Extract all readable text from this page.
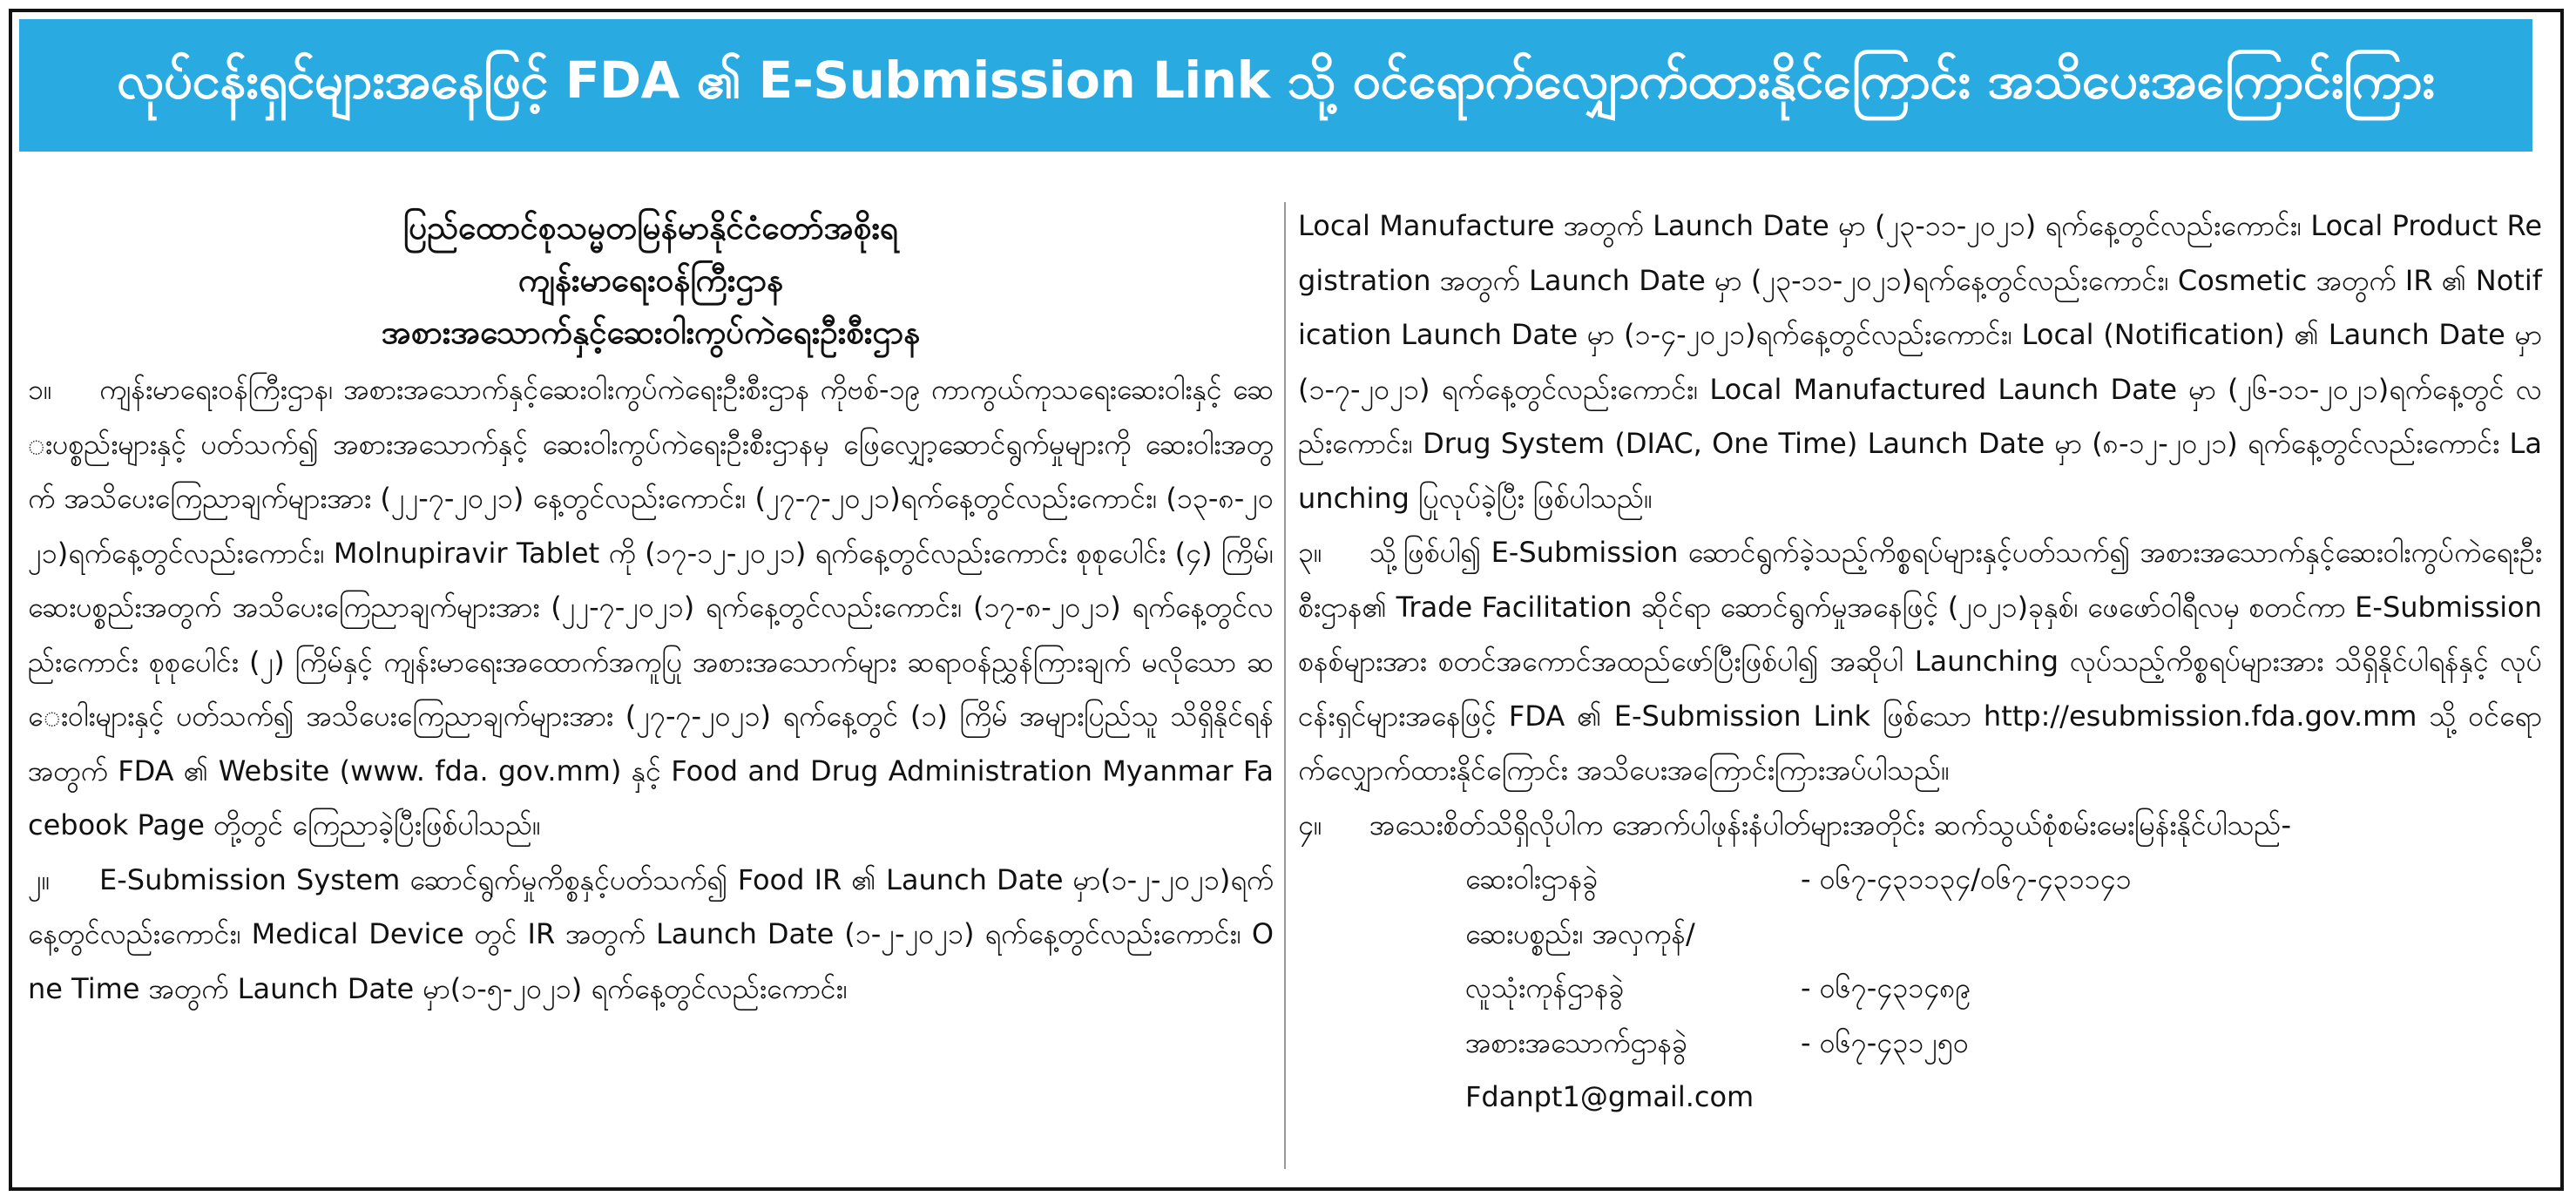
လုပ်ငန်းရှင်များအနေဖြင့် FDA ၏ E-Submission Link သို့ ဝင်ရောက်လျှောက်ထားနိုင်ကြောင်း အသိပေးအကြောင်းကြား

ပြည်ထောင်စုသမ္မတမြန်မာနိုင်ငံတော်အစိုးရ

ကျန်းမာရေးဝန်ကြီးဌာန

အစားအသောက်နှင့်ဆေးဝါးကွပ်ကဲရေးဦးစီးဌာန

၁။ ကျန်းမာရေးဝန်ကြီးဌာန၊ အစားအသောက်နှင့်ဆေးဝါးကွပ်ကဲရေးဦးစီးဌာန ကိုဗစ်-၁၉ ကာကွယ်ကုသရေးဆေးဝါးနှင့် ဆေးပစ္စည်းများနှင့် ပတ်သက်၍ အစားအသောက်နှင့် ဆေးဝါးကွပ်ကဲရေးဦးစီးဌာနမှ ဖြေလျှော့ဆောင်ရွက်မှုများကို ဆေးဝါးအတွက် အသိပေးကြေညာချက်များအား (၂၂-၇-၂၀၂၁) နေ့တွင်လည်းကောင်း၊ (၂၇-၇-၂၀၂၁)ရက်နေ့တွင်လည်းကောင်း၊ (၁၃-၈-၂၀၂၁)ရက်နေ့တွင်လည်းကောင်း၊ Molnupiravir Tablet ကို (၁၇-၁၂-၂၀၂၁) ရက်နေ့တွင်လည်းကောင်း စုစုပေါင်း (၄) ကြိမ်၊ ဆေးပစ္စည်းအတွက် အသိပေးကြေညာချက်များအား (၂၂-၇-၂၀၂၁) ရက်နေ့တွင်လည်းကောင်း၊ (၁၇-၈-၂၀၂၁) ရက်နေ့တွင်လည်းကောင်း စုစုပေါင်း (၂) ကြိမ်နှင့် ကျန်းမာရေးအထောက်အကူပြု အစားအသောက်များ ဆရာဝန်ညွှန်ကြားချက် မလိုသော ဆေးဝါးများနှင့် ပတ်သက်၍ အသိပေးကြေညာချက်များအား (၂၇-၇-၂၀၂၁) ရက်နေ့တွင် (၁) ကြိမ် အများပြည်သူ သိရှိနိုင်ရန်အတွက် FDA ၏ Website (www. fda. gov.mm) နှင့် Food and Drug Administration Myanmar Facebook Page တို့တွင် ကြေညာခဲ့ပြီးဖြစ်ပါသည်။

၂။ E-Submission System ဆောင်ရွက်မှုကိစ္စနှင့်ပတ်သက်၍ Food IR ၏ Launch Date မှာ(၁-၂-၂၀၂၁)ရက်နေ့တွင်လည်းကောင်း၊ Medical Device တွင် IR အတွက် Launch Date (၁-၂-၂၀၂၁) ရက်နေ့တွင်လည်းကောင်း၊ One Time အတွက် Launch Date မှာ(၁-၅-၂၀၂၁) ရက်နေ့တွင်လည်းကောင်း၊

Local Manufacture အတွက် Launch Date မှာ (၂၃-၁၁-၂၀၂၁) ရက်နေ့တွင်လည်းကောင်း၊ Local Product Registration အတွက် Launch Date မှာ (၂၃-၁၁-၂၀၂၁)ရက်နေ့တွင်လည်းကောင်း၊ Cosmetic အတွက် IR ၏ Notification Launch Date မှာ (၁-၄-၂၀၂၁)ရက်နေ့တွင်လည်းကောင်း၊ Local (Notification) ၏ Launch Date မှာ (၁-၇-၂၀၂၁) ရက်နေ့တွင်လည်းကောင်း၊ Local Manufactured Launch Date မှာ (၂၆-၁၁-၂၀၂၁)ရက်နေ့တွင် လည်းကောင်း၊ Drug System (DIAC, One Time) Launch Date မှာ (၈-၁၂-၂၀၂၁) ရက်နေ့တွင်လည်းကောင်း Launching ပြုလုပ်ခဲ့ပြီး ဖြစ်ပါသည်။

၃။ သို့ဖြစ်ပါ၍ E-Submission ဆောင်ရွက်ခဲ့သည့်ကိစ္စရပ်များနှင့်ပတ်သက်၍ အစားအသောက်နှင့်ဆေးဝါးကွပ်ကဲရေးဦးစီးဌာန၏ Trade Facilitation ဆိုင်ရာ ဆောင်ရွက်မှုအနေဖြင့် (၂၀၂၁)ခုနှစ်၊ ဖေဖော်ဝါရီလမှ စတင်ကာ E-Submission စနစ်များအား စတင်အကောင်အထည်ဖော်ပြီးဖြစ်ပါ၍ အဆိုပါ Launching လုပ်သည့်ကိစ္စရပ်များအား သိရှိနိုင်ပါရန်နှင့် လုပ်ငန်းရှင်များအနေဖြင့် FDA ၏ E-Submission Link ဖြစ်သော http://esubmission.fda.gov.mm သို့ ဝင်ရောက်လျှောက်ထားနိုင်ကြောင်း အသိပေးအကြောင်းကြားအပ်ပါသည်။

၄။ အသေးစိတ်သိရှိလိုပါက အောက်ပါဖုန်းနံပါတ်များအတိုင်း ဆက်သွယ်စုံစမ်းမေးမြန်းနိုင်ပါသည်-

ဆေးဝါးဌာနခွဲ	- ၀၆၇-၄၃၁၁၃၄/၀၆၇-၄၃၁၁၄၁
ဆေးပစ္စည်း၊ အလှကုန်/
လူသုံးကုန်ဌာနခွဲ	- ၀၆၇-၄၃၁၄၈၉
အစားအသောက်ဌာနခွဲ	- ၀၆၇-၄၃၁၂၅၀
Fdanpt1@gmail.com
